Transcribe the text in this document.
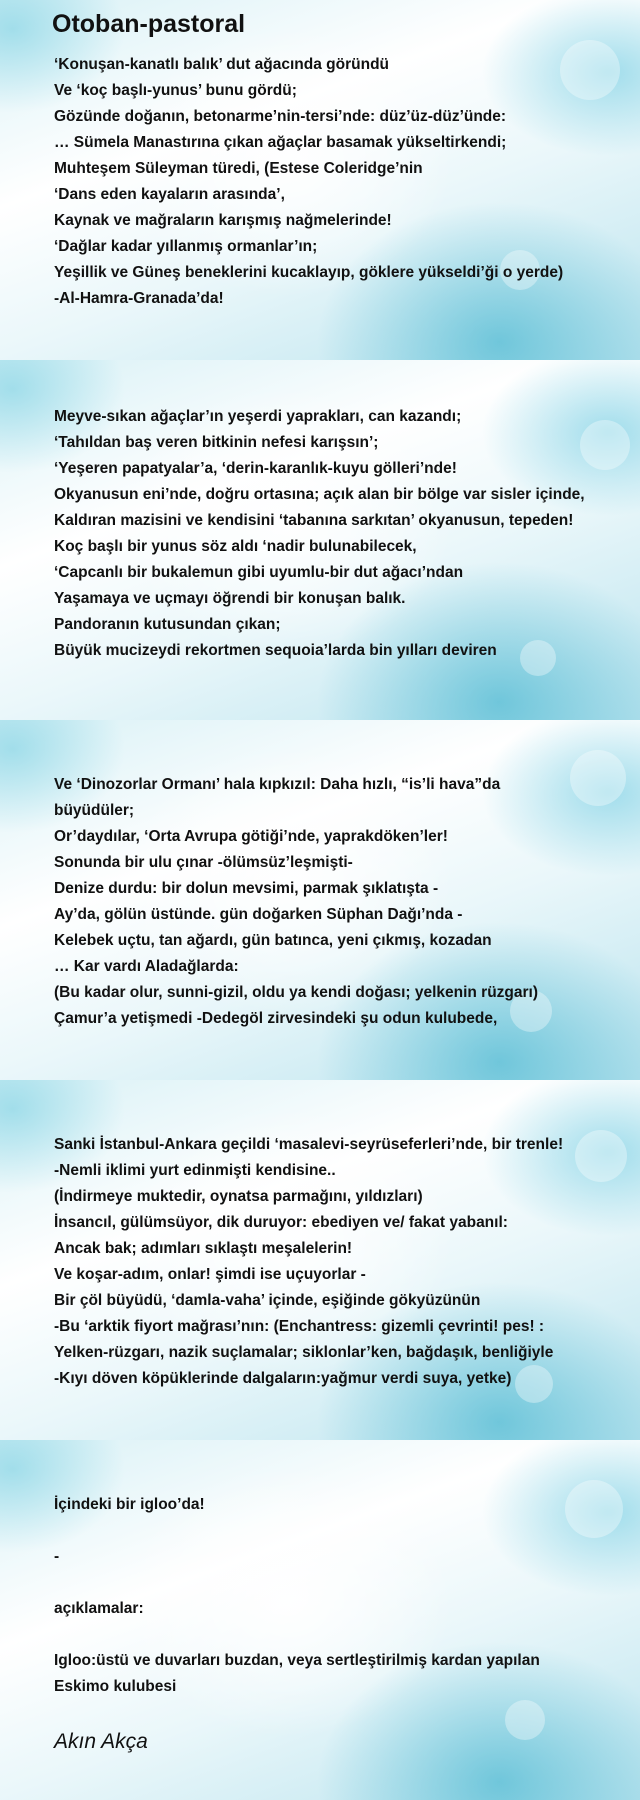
Otoban-pastoral
‘Konuşan-kanatlı balık’ dut ağacında göründü
Ve ‘koç başlı-yunus’ bunu gördü;
Gözünde doğanın, betonarme’nin-tersi’nde: düz’üz-düz’ünde:
… Sümela Manastırına çıkan ağaçlar basamak yükseltirkendi;
Muhteşem Süleyman türedi, (Estese Coleridge’nin
‘Dans eden kayaların arasında’,
Kaynak ve mağraların karışmış nağmelerinde!
‘Dağlar kadar yıllanmış ormanlar’ın;
Yeşillik ve Güneş beneklerini kucaklayıp, göklere yükseldi’ği o yerde)
-Al-Hamra-Granada’da!
Meyve-sıkan ağaçlar’ın yeşerdi yaprakları, can kazandı;
‘Tahıldan baş veren bitkinin nefesi karışsın’;
‘Yeşeren papatyalar’a, ‘derin-karanlık-kuyu gölleri’nde!
Okyanusun eni’nde, doğru ortasına; açık alan bir bölge var sisler içinde,
Kaldıran mazisini ve kendisini ‘tabanına sarkıtan’ okyanusun, tepeden!
Koç başlı bir yunus söz aldı ‘nadir bulunabilecek,
‘Capcanlı bir bukalemun gibi uyumlu-bir dut ağacı’ndan
Yaşamaya ve uçmayı öğrendi bir konuşan balık.
Pandoranın kutusundan çıkan;
Büyük mucizeydi rekortmen sequoia’larda bin yılları deviren
Ve ‘Dinozorlar Ormanı’ hala kıpkızıl: Daha hızlı, “is’li hava”da
büyüdüler;
Or’daydılar, ‘Orta Avrupa götiği’nde, yaprakdöken’ler!
Sonunda bir ulu çınar -ölümsüz’leşmişti-
Denize durdu: bir dolun mevsimi, parmak şıklatışta -
Ay’da, gölün üstünde. gün doğarken Süphan Dağı’nda -
Kelebek uçtu, tan ağardı, gün batınca, yeni çıkmış, kozadan
… Kar vardı Aladağlarda:
(Bu kadar olur, sunni-gizil, oldu ya kendi doğası; yelkenin rüzgarı)
Çamur’a yetişmedi -Dedegöl zirvesindeki şu odun kulubede,
Sanki İstanbul-Ankara geçildi ‘masalevi-seyrüseferleri’nde, bir trenle!
-Nemli iklimi yurt edinmişti kendisine..
(İndirmeye muktedir, oynatsa parmağını, yıldızları)
İnsancıl, gülümsüyor, dik duruyor: ebediyen ve/ fakat yabanıl:
Ancak bak; adımları sıklaştı meşalelerin!
Ve koşar-adım, onlar! şimdi ise uçuyorlar -
Bir çöl büyüdü, ‘damla-vaha’ içinde, eşiğinde gökyüzünün
-Bu ‘arktik fiyort mağrası’nın: (Enchantress: gizemli çevrinti! pes! :
Yelken-rüzgarı, nazik suçlamalar; siklonlar’ken, bağdaşık, benliğiyle
-Kıyı döven köpüklerinde dalgaların:yağmur verdi suya, yetke)
İçindeki bir igloo’da!
-
açıklamalar:
Igloo:üstü ve duvarları buzdan, veya sertleştirilmiş kardan yapılan
Eskimo kulubesi
Akın Akça
